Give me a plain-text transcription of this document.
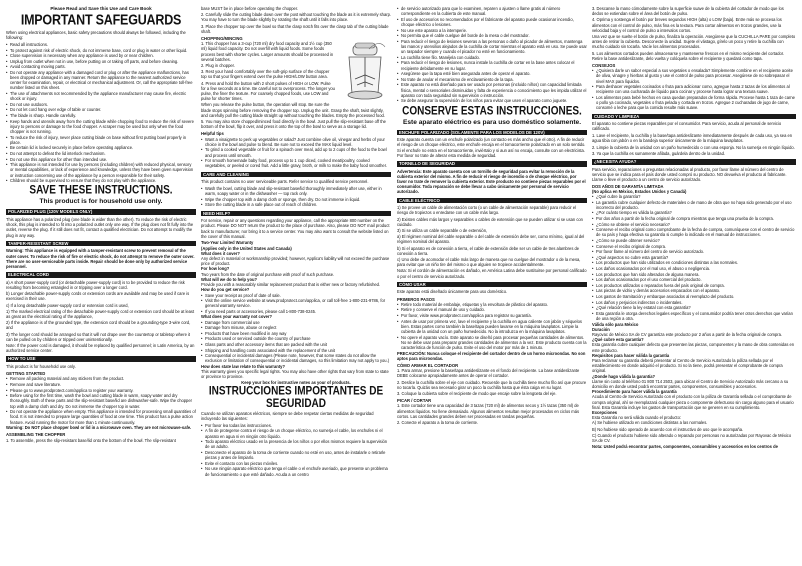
Please Read and Save this Use and Care Book
IMPORTANT SAFEGUARDS
When using electrical appliances, basic safety precautions should always be followed, including the following:
• Read all instructions.
• To protect against risk of electric shock, do not immerse base, cord or plug in water or other liquid.
• Close supervision is necessary when any appliance is used by or near children.
• Unplug from outlet when not in use, before putting on or taking off parts, and before cleaning.
• Avoid contacting moving parts.
• Do not operate any appliance with a damaged cord or plug or after the appliance malfunctions, has been dropped or damaged in any manner. Return the appliance to the nearest authorized service center for examination, repair, or electrical or mechanical adjustment. Or, call the appropriate toll-free number listed on this sheet.
• The use of attachments not recommended by the appliance manufacturer may cause fire, electric shock or injury.
• Do not use outdoors.
• Do not let cord hang over edge of table or counter.
• The blade is sharp. Handle carefully.
• Keep hands and utensils away from the cutting blade while chopping food to reduce the risk of severe injury to persons or damage to the food chopper. A scraper may be used but only when the food chopper is not running.
• To reduce the risk of injury, never place cutting blade on base without first putting bowl properly in place.
• Be certain lid is locked securely in place before operating appliance.
• Do not attempt to defeat the lid interlock mechanism.
• Do not use this appliance for other than intended use.
• This appliance is not intended for use by persons (including children) with reduced physical, sensory or mental capabilities, or lack of experience and knowledge, unless they have been given supervision or instruction concerning use of the appliance by a person responsible for their safety.
• Children should be supervised to ensure that they do not play with the appliance.
SAVE THESE INSTRUCTIONS.
This product is for household use only.
POLARIZED PLUG (120V MODELS ONLY)
This appliance has a polarized plug (one blade is wider than the other). To reduce the risk of electric shock, this plug is intended to fit into a polarized outlet only one way. If the plug does not fit fully into the outlet, reverse the plug. If it still does not fit, contact a qualified electrician. Do not attempt to modify the plug in any way.
TAMPER-RESISTANT SCREW
Warning: This appliance is equipped with a tamper-resistant screw to prevent removal of the outer cover. To reduce the risk of fire or electric shock, do not attempt to remove the outer cover. There are no user-serviceable parts inside. Repair should be done only by authorized service personnel.
ELECTRICAL CORD
a) A short power-supply cord (or detachable power-supply cord) is to be provided to reduce the risk resulting from becoming entangled in or tripping over a longer cord.
b) Longer detachable power-supply cords or extension cords are available and may be used if care is exercised in their use.
c) If a long detachable power-supply cord or extension cord is used,
1) The marked electrical rating of the detachable power-supply cord or extension cord should be at least as great as the electrical rating of the appliance,
2) If the appliance is of the grounded type, the extension cord should be a grounding-type 3-wire cord, and
3) The longer cord should be arranged so that it will not drape over the countertop or tabletop where it can be pulled on by children or tripped over unintentionally.
Note: If the power cord is damaged, it should be replaced by qualified personnel; in Latin America, by an authorized service center.
HOW TO USE
This product is for household use only.
GETTING STARTED
• Remove all packing material and any stickers from the product.
• Remove and save literature.
• Please go to www.prodprotect.com/applica to register your warranty.
• Before using for the first time, wash the bowl and cutting blade in warm, soapy water and dry thoroughly. Both of these parts and the slip-resistant base/lid are dishwasher-safe. Wipe the chopper top with a damp cloth and dry. Do not immerse the chopper top in water.
• Do not operate the appliance when empty. This appliance is intended for processing small quantities of food. It is not intended to prepare large quantities of food at one time. This product has a pulse action feature. Avoid running the motor for more than 1 minute continuously.
Warning: Do NOT place chopper bowl or lid in a microwave oven. They are not microwave-safe.
ASSEMBLING THE CHOPPER
1. To assemble, press the slip-resistant base/lid onto the bottom of the bowl. The slip-resistant
base MUST be in place before operating the chopper.
2. Carefully slide the cutting blade down over the post without touching the blade as it is extremely sharp. You may have to turn the blade slightly by rotating the shaft until it falls into place.
3. Place the chopper top over the bowl so that the clasp notch fits over the clasp tab of the cutting blade shaft.
CHOPPING/MINCING
1. This chopper has a 3-cup (720 ml) dry food capacity and 1½ cup (350 ml) liquid food capacity. Do not overfill with liquid foods. Some foods process best with shorter cycles. Larger amounts should be processed in several batches.
2. Plug in chopper.
3. Rest your hand comfortably over the soft-grip surface of the chopper top so that your fingers extend over the pulse HIGH/LOW button area.
4. Press and hold the button with 2 short pulses of HIGH or LOW. Pulse for a few seconds at a time. Be careful not to overprocess. The longer you pulse, the finer the texture. For coarsely chopped foods, use LOW and pulse for shorter times.
When you release the pulse button, the operation will stop. Be sure the blade stops spinning before removing the chopper top. Unplug the unit. Grasp the shaft, twist slightly, and carefully pull the cutting blade straight up without touching the blades. Empty the processed food.
5. You may also store chopped/minced food directly in the bowl. Just pull the slip-resistant base off the bottom of the bowl, flip it over, and press it onto the top of the bowl to serve as a storage lid.
Helpful tips
• Want a vinaigrette to perk up vegetables or salad? Just combine olive oil, vinegar and herbs of your choice in the bowl and pulse to blend. Be sure not to exceed the MAX liquid level.
• To grind a cooked vegetable or fruit for a spinach over meal, add up to 2 cups of the food to the bowl and process until smooth.
• For smooth homemade baby food, process up to 1 cup diced, cooked meat/poultry, cooked vegetables, or peeled or cored fruit. Add a little gravy, broth, or milk to make the baby food smoother.
CARE AND CLEANING
This product contains no user serviceable parts. Refer service to qualified service personnel.
• Wash the bowl, cutting blade and slip-resistant base/lid thoroughly immediately after use, either in warm, soapy water or in the dishwasher — top rack only.
• Wipe the chopper top with a damp cloth or sponge, then dry. Do not immerse in liquid.
• Store the cutting blade in a safe place out of reach of children.
NEED HELP?
For service, repair or any questions regarding your appliance, call the appropriate 800 number on the product. Please DO NOT return the product to the place of purchase. Also, please DO NOT mail product back to manufacturer, nor bring it to a service center. You may also want to consult the website listed on the cover of this manual.
Two-Year Limited Warranty
(Applies only in the United States and Canada)
What does it cover?
Any defect in material or workmanship provided; however, Applica's liability will not exceed the purchase price of product.
For how long?
Two years from the date of original purchase with proof of such purchase.
What will we do to help you?
Provide you with a reasonably similar replacement product that is either new or factory refurbished.
How do you get service?
• Save your receipt as proof of date of sale.
• Visit the online service website at www.prodprotect.com/applica, or call toll-free 1-800-231-9786, for general warranty service.
• If you need parts or accessories, please call 1-800-738-0245.
What does your warranty not cover?
• Damage from commercial use
• Damage from misuse, abuse or neglect
• Products that have been modified in any way
• Products used or serviced outside the country of purchase
• Glass parts and other accessory items that are packed with the unit
• Shipping and handling costs associated with the replacement of the unit
• Consequential or incidental damages (Please note, however, that some states do not allow the exclusion or limitation of consequential or incidental damages, so this limitation may not apply to you.)
How does state law relate to this warranty?
This warranty gives you specific legal rights. You may also have other rights that vary from state to state or province to province.
Keep your box for instructive notes as your of products.
INSTRUCCIONES IMPORTANTES DE SEGURIDAD
Cuando se utilizan aparatos eléctricos, siempre se debe respetar ciertas medidas de seguridad incluyendo las siguientes:
• Por favor lea todas las instrucciones.
• A fin de protegerse contra el riesgo de un choque eléctrico, no sumerja el cable, los enchufes ni el aparato en agua ni en ningún otro líquido.
• Todo aparato eléctrico usado en la presencia de los niños o por ellos mismos requiere la supervisión de un adulto.
• Desconecte el aparato de la toma de corriente cuando no esté en uso, antes de instalarle o retirarle piezas y antes de limpiarlo.
• Evite el contacto con las piezas móviles.
• No use ningún aparato eléctrico que tenga el cable o el enchufe averiado, que presente un problema de funcionamiento o que esté dañado. Acuda a un centro
• de servicio autorizado para que lo examinen, reparen o ajusten o llame gratis al número correspondiente en la cubierta de este manual.
• El uso de accesorios no recomendados por el fabricante del aparato puede ocasionar incendio, choque eléctrico o lesiones.
• No use este aparato a la intemperie.
• No permita que el cable cuelgue del borde de la mesa o del mostrador.
• Para reducir el riesgo de lesiones severas a las personas o daño al picador de alimentos, mantenga las manos y utensilios alejados de la cuchilla de cortar mientras el aparato está en uso. Se puede usar un raspador siempre y cuando el picador no esté en funcionamiento.
• La cuchilla tiene filo. Manéjela con cuidado.
• Para reducir el riesgo de lesiones, nunca instale la cuchilla de cortar en la base antes colocar el recipiente debidamente en su lugar.
• Asegúrese que la tapa esté bien asegurada antes de operar el aparato.
• No trate de anular el mecanismo de enclavamiento de la tapa.
• Este aparato no está diseñado para ser usado por personas (incluido niños) con capacidad limitada física, mental o sensoriales disminuidas y falta de experiencia o conocimiento que les impida utilizar el aparato con toda seguridad sin supervisión o instrucción.
• Se debe asegurar la supervisión de los niños para evitar que usen el aparato como juguete.
CONSERVE ESTAS INSTRUCCIONES.
Este aparato eléctrico es para uso doméstico solamente.
ENCHUFE POLARIZADO (SOLAMENTE PARA LOS MODELOS DE 120V)
Este aparato cuenta con un enchufe polarizado (un contacto es más ancho que el otro). A fin de reducir el riesgo de un choque eléctrico, este enchufe encaja en el tomacorriente polarizado en un solo sentido. Si el enchufe no entra en el tomacorriente, inviértalo y si aun así no encaja, consulte con un electricista. Por favor no trate de alterar esta medida de seguridad.
TORNILLO DE SEGURIDAD
Advertencia: Este aparato cuenta con un tornillo de seguridad para evitar la remoción de la cubierta exterior del mismo. A fin de reducir el riesgo de incendio o de choque eléctrico, por favor no trate de remover la cubierta exterior. Este producto no contiene piezas reparables por el consumidor. Toda reparación se debe llevar a cabo únicamente por personal de servicio autorizado.
CABLE ELÉCTRICO
1) Se provee un cable de alimentación corto (o un cable de alimentación separable) para reducir el riesgo de tropiezos o enredarse con un cable más largo.
2) Existen cables más largos y separables o cables de extensión que se pueden utilizar si se usan con cuidado.
3) Si se utiliza un cable separable o de extensión,
a) El régimen nominal del cable separable o del cable de extensión debe ser, como mínimo, igual al del régimen nominal del aparato.
b) Si el aparato es de conexión a tierra, el cable de extensión debe ser un cable de tres alambres de conexión a tierra.
c) Uno debe de acomodar el cable más largo de manera que no cuelgue del mostrador o de la mesa, para evitar que un niño tire del mismo o que alguien se tropiece accidentalmente.
Nota: Si el cordón de alimentación es dañado, en América Latina debe sustituirse por personal calificado o por el centro de servicio autorizado.
CÓMO USAR
Este aparato está diseñado únicamente para uso doméstico.
PRIMEROS PASOS
• Retire todo material de embalaje, etiquetas y la envoltura de plástico del aparato.
• Retire y conserve el manual de uso y cuidado.
• Por favor, visite www.prodprotect.com/applica para registrar su garantía.
• Antes de usar por primera vez, lave el recipiente y la cuchilla en agua caliente con jabón y séquelos bien. Estas partes como también la base/tapa pueden lavarse en la máquina lavaplatos. Limpie la cubierta de la unidad con un paño humedecido. No la introduzca en la máquina lavaplatos.
• No opere el aparato vacío. Este aparato se diseñó para procesar pequeñas cantidades de alimentos. No se debe usar para preparar grandes cantidades de alimentos a la vez. Este producto cuenta con la característica de función de pulso. Evite el uso del motor por más de 1 minuto.
PRECAUCIÓN: Nunca coloque el recipiente del cortador dentro de un horno microondas. No son aptos para microondas.
CÓMO ARMAR EL CORTADOR
1. Para armar, presione la base/tapa antideslizante en el fondo del recipiente. La base antideslizante DEBE colocarse apropiadamente antes de operar el cortador.
2. Deslice la cuchilla sobre el eje con cuidado. Recuerde que la cuchilla tiene mucho filo así que procure no tocarla. Quizás sea necesario girar un poco la cuchilla hasta que ésta caiga en su lugar.
3. Coloque la cubierta sobre el recipiente de modo que encaje sobre la lengüeta del eje.
PICAR / CORTAR
1. Este cortador tiene una capacidad de 3 tazas (720 ml) de alimentos secos y 1½ tazas (350 ml) de alimentos líquidos. No llene demasiado. Algunos alimentos resultan mejor procesados en ciclos más cortos. Las cantidades grandes deben ser procesadas en tandas pequeñas.
2. Conecte el aparato a la toma de corriente.
3. Descanse la mano cómodamente sobre la superficie suave de la cubierta del cortador de modo que los dedos se extiendan sobre el área del botón de pulso.
4. Oprima y sostenga el botón por breves segundos HIGH (alta) o LOW (baja). Entre más se procesa los alimentos con el control de pulso, más fina es la textura. Para cortar alimentos en trozos grandes, use la velocidad baja y el control de pulso a intervalos cortos.
Una vez que se suelte el botón de pulso, finaliza la operación. Asegúrese que la CUCHILLA PARE por completo antes de retirar la cubierta. Desconecte la unidad. Sujete el vástago, gírelo un poco y retire la cuchilla con mucho cuidado sin tocarla. Vacíe los alimentos procesados.
5. Los alimentos cortados pueden almacenarse y mantenerse frescos en el mismo recipiente del cortador. Retire la base antideslizante, delo vuelta y colóquela sobre el recipiente y quedará como tapa.
CONSEJOS
• ¿Quisiera darle un sabor especial a sus vegetales o ensalada? Simplemente combine en el recipiente aceite de oliva, vinagre y hierbas al gusto y use el control de pulso para procesar. Asegúrese de no sobrepasar el nivel MAX para líquidos.
• Para deshacer vegetales cocinados o fruta para adicionar como, agregue hasta 2 tazas de los alimentos al recipiente con una cucharada de líquido para cocinar y procese hasta lograr una textura suave.
• Los alimentos para bebé hechos en casa quedan preparados de forma rápida. Procese hasta 1 taza de carne o pollo ya cocinado, vegetales o fruta pelada y cortada en trozos. Agregue 2 cucharadas de jugo de carne, consomé o leche para que la comida resulte más suave.
CUIDADO Y LIMPIEZA
El aparato no contiene piezas reparables por el consumidor. Para servicio, acuda al personal de servicio calificado.
1. Lave el recipiente, la cuchilla y la base/tapa antideslizante inmediatamente después de cada uso, ya sea en agua tibia con jabón o en la bandeja superior únicamente de la máquina lavaplatos.
2. Limpie la cubierta de la unidad con un paño humedecido o con una esponja. No la sumerja en ningún líquido.
3. Ya que la cuchilla es sumamente afilada, guárdela dentro de la unidad.
¿NECESITA AYUDA?
Para servicio, reparaciones o preguntas relacionadas al producto, por favor llame al número del centro de servicio que se indica para el país donde usted compró su producto. NO devuelva el producto al fabricante. Llame o lleve el producto a un centro de servicio autorizado.
DOS AÑOS DE GARANTÍA LIMITADA
(No aplica en México, Estados Unidos y Canadá)
• ¿Qué cubre la garantía?
• La garantía cubre cualquier defecto de materiales o de mano de obra que no haya sido generado por el uso incorrecto del producto.
• ¿Por cuánto tiempo es válida la garantía?
• Por dos años a partir de la fecha original de compra mientras que tenga una prueba de la compra.
• ¿Cómo se obtiene el servicio necesario?
• Conserve el recibo original como comprobante de la fecha de compra, comuníquese con el centro de servicio de su país y haga efectiva su garantía si cumple lo indicado en el manual de instrucciones.
• ¿Cómo se puede obtener servicio?
• Conserve el recibo original de compra.
• Por favor llame al número del centro de servicio autorizado.
• ¿Qué aspectos no cubre esta garantía?
• Los productos que han sido utilizados en condiciones distintas a las normales.
• Los daños ocasionados por el mal uso, el abuso o negligencia.
• Los productos que han sido alterados de alguna manera.
• Los daños ocasionados por el uso comercial del producto.
• Los productos utilizados o reparados fuera del país original de compra.
• Las piezas de vidrio y demás accesorios empacados con el aparato.
• Los gastos de tramitación y embarque asociados al reemplazo del producto.
• Los daños y perjuicios indirectos o incidentales.
• ¿Qué relación tiene la ley estatal con esta garantía?
• Esta garantía le otorga derechos legales específicos y el consumidor podría tener otros derechos que varían de una región a otra.
Válida sólo para México
Duración
Rayovac de México SA de CV garantiza este producto por 2 años a partir de la fecha original de compra.
¿Qué cubre esta garantía?
Esta garantía cubre cualquier defecto que presenten las piezas, componentes y la mano de obra contenidas en este producto.
Requisitos para hacer válida la garantía
Para reclamar su garantía deberá presentar al Centro de Servicio Autorizado la póliza sellada por el establecimiento en donde adquirió el producto. Si no la tiene, podrá presentar el comprobante de compra original.
¿Donde hago válida la garantía?
Llame sin costo al teléfono 01 800 714 2503, para ubicar el Centro de Servicio Autorizado más cercano a su domicilio en donde usted podrá encontrar partes, componentes, consumibles y accesorios.
Procedimiento para hacer válida la garantía
Acuda al Centro de Servicio Autorizado con el producto con la póliza de Garantía sellada o el comprobante de compra original, ahí se reemplazará cualquier pieza o componente defectuoso sin cargo alguno para el usuario final. Esta Garantía incluye los gastos de transportación que se generen en su cumplimiento.
Excepciones
Esta Garantía no será válida cuando el producto:
A) Se hubiese utilizado en condiciones distintas a las normales.
B) No hubiese sido operado de acuerdo con el instructivo de uso que le acompaña.
C) Cuando el producto hubiese sido alterado o reparado por personas no autorizadas por Rayovac de México SA de CV.
Nota: Usted podrá encontrar partes, componentes, consumibles y accesorios en los centros de
